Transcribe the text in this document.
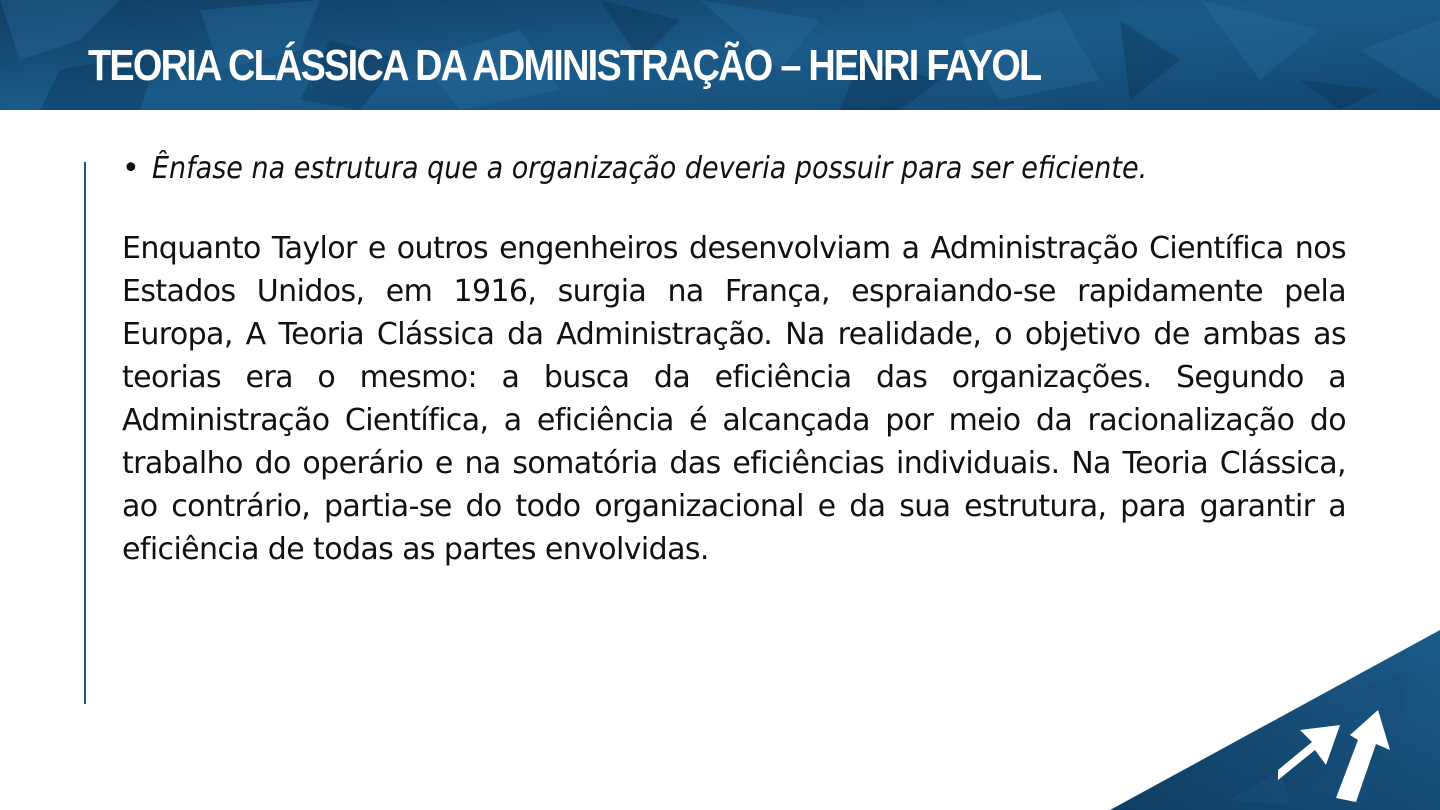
TEORIA CLÁSSICA DA ADMINISTRAÇÃO – HENRI FAYOL

• Ênfase na estrutura que a organização deveria possuir para ser eficiente.

Enquanto Taylor e outros engenheiros desenvolviam a Administração Científica nos Estados Unidos, em 1916, surgia na França, espraiando-se rapidamente pela Europa, A Teoria Clássica da Administração. Na realidade, o objetivo de ambas as teorias era o mesmo: a busca da eficiência das organizações. Segundo a Administração Científica, a eficiência é alcançada por meio da racionalização do trabalho do operário e na somatória das eficiências individuais. Na Teoria Clássica, ao contrário, partia-se do todo organizacional e da sua estrutura, para garantir a eficiência de todas as partes envolvidas.
